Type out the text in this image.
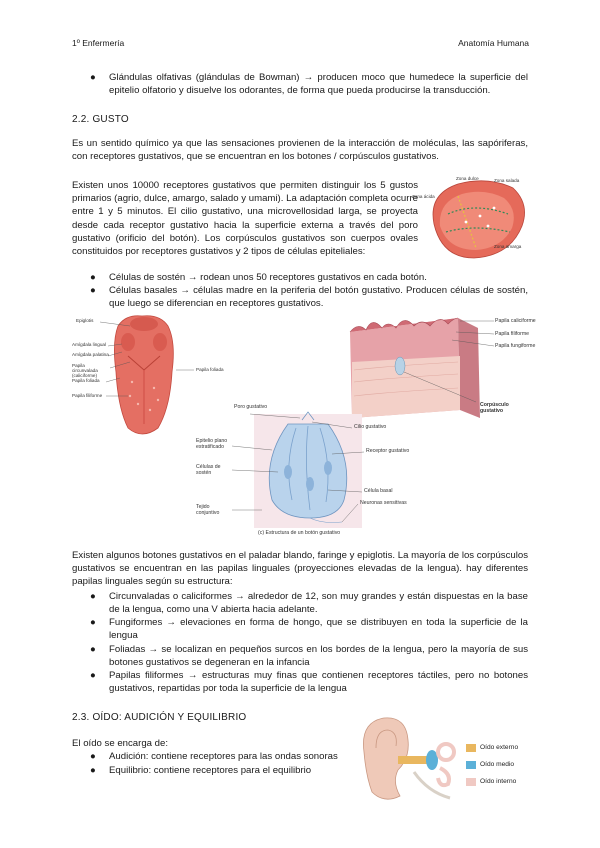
1º Enfermería	Anatomía Humana
● Glándulas olfativas (glándulas de Bowman) → producen moco que humedece la superficie del epitelio olfatorio y disuelve los odorantes, de forma que pueda producirse la transducción.
2.2. GUSTO

Es un sentido químico ya que las sensaciones provienen de la interacción de moléculas, las sapóriferas, con receptores gustativos, que se encuentran en los botones / corpúsculos gustativos.

Existen unos 10000 receptores gustativos que permiten distinguir los 5 gustos primarios (agrio, dulce, amargo, salado y umami). La adaptación completa ocurre entre 1 y 5 minutos. El cilio gustativo, una microvellosidad larga, se proyecta desde cada receptor gustativo hacia la superficie externa a través del poro gustativo (orificio del botón). Los corpúsculos gustativos son cuerpos ovales constituidos por receptores gustativos y 2 tipos de células epiteliales:

Zona dulce	Zona salada
Zona ácida
Zona amarga
● Células de sostén → rodean unos 50 receptores gustativos en cada botón.
● Células basales → células madre en la periferia del botón gustativo. Producen células de sostén, que luego se diferencian en receptores gustativos.
Epiglotis
Amígdala lingual
Amígdala palatina
Papila circunvalada (caliciforme)
Papila foliada
Papila filiforme
Papila foliada
Papila caliciforme
Papila filiforme
Papila fungiforme
Corpúsculo gustativo
Poro gustativo
Epitelio plano estratificado
Células de sostén
Tejido conjuntivo
Cilio gustativo
Receptor gustativo
Célula basal
Neuronas sensitivas
(c) Estructura de un botón gustativo

Existen algunos botones gustativos en el paladar blando, faringe y epiglotis. La mayoría de los corpúsculos gustativos se encuentran en las papilas linguales (proyecciones elevadas de la lengua). hay diferentes papilas linguales según su estructura:

● Circunvaladas o caliciformes → alrededor de 12, son muy grandes y están dispuestas en la base de la lengua, como una V abierta hacia adelante.
● Fungiformes → elevaciones en forma de hongo, que se distribuyen en toda la superficie de la lengua
● Foliadas → se localizan en pequeños surcos en los bordes de la lengua, pero la mayoría de sus botones gustativos se degeneran en la infancia
● Papilas filiformes → estructuras muy finas que contienen receptores táctiles, pero no botones gustativos, repartidas por toda la superficie de la lengua
2.3. OÍDO: AUDICIÓN Y EQUILIBRIO
El oído se encarga de:
● Audición: contiene receptores para las ondas sonoras
● Equilibrio: contiene receptores para el equilibrio
Oído externo
Oído medio
Oído interno
